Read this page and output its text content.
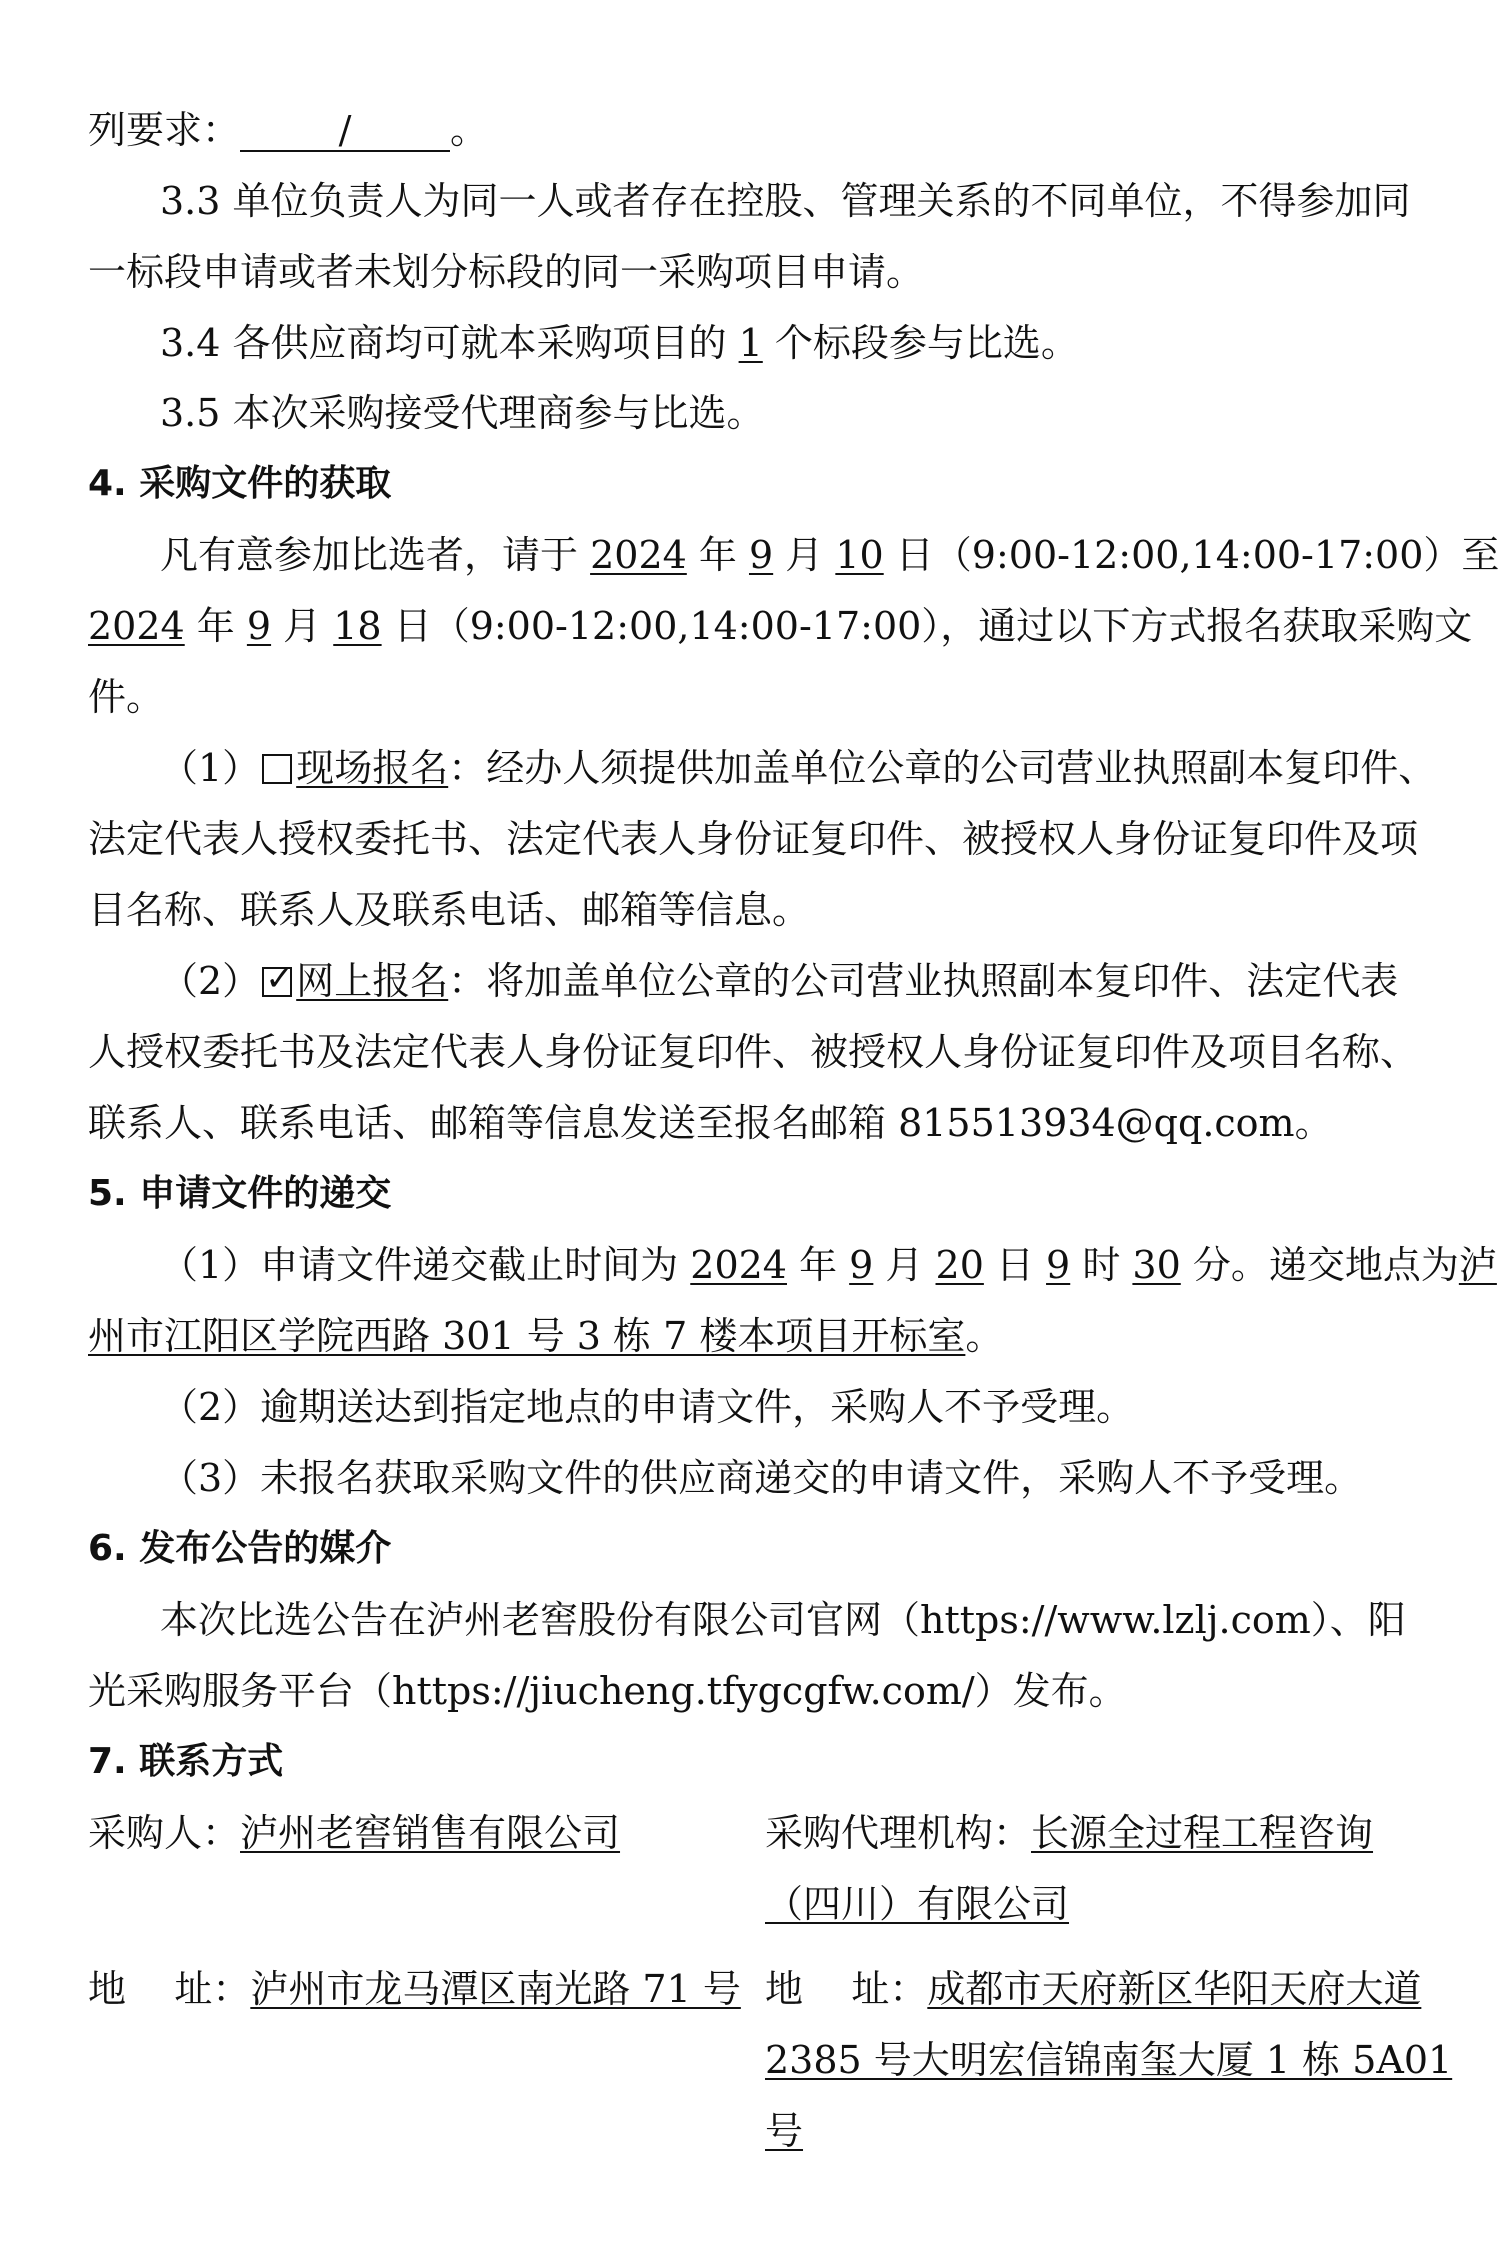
列要求：	/	。
3.3 单位负责人为同一人或者存在控股、管理关系的不同单位，不得参加同
一标段申请或者未划分标段的同一采购项目申请。
3.4 各供应商均可就本采购项目的 1 个标段参与比选。
3.5 本次采购接受代理商参与比选。
4. 采购文件的获取
凡有意参加比选者，请于 2024 年 9 月 10 日（9:00-12:00,14:00-17:00）至
2024 年 9 月 18 日（9:00-12:00,14:00-17:00），通过以下方式报名获取采购文
件。
（1） 现场报名：经办人须提供加盖单位公章的公司营业执照副本复印件、
法定代表人授权委托书、法定代表人身份证复印件、被授权人身份证复印件及项
目名称、联系人及联系电话、邮箱等信息。
（2）✓ 网上报名：将加盖单位公章的公司营业执照副本复印件、法定代表
人授权委托书及法定代表人身份证复印件、被授权人身份证复印件及项目名称、
联系人、联系电话、邮箱等信息发送至报名邮箱 815513934@qq.com。
5. 申请文件的递交
（1）申请文件递交截止时间为 2024 年 9 月 20 日 9 时 30 分。递交地点为泸
州市江阳区学院西路 301 号 3 栋 7 楼本项目开标室。
（2）逾期送达到指定地点的申请文件，采购人不予受理。
（3）未报名获取采购文件的供应商递交的申请文件，采购人不予受理。
6. 发布公告的媒介
本次比选公告在泸州老窖股份有限公司官网（https://www.lzlj.com）、阳
光采购服务平台（https://jiucheng.tfygcgfw.com/）发布。
7. 联系方式
采购人：泸州老窖销售有限公司	采购代理机构：长源全过程工程咨询
（四川）有限公司
地    址：泸州市龙马潭区南光路 71 号 地    址：成都市天府新区华阳天府大道
2385 号大明宏信锦南玺大厦 1 栋 5A01
号
